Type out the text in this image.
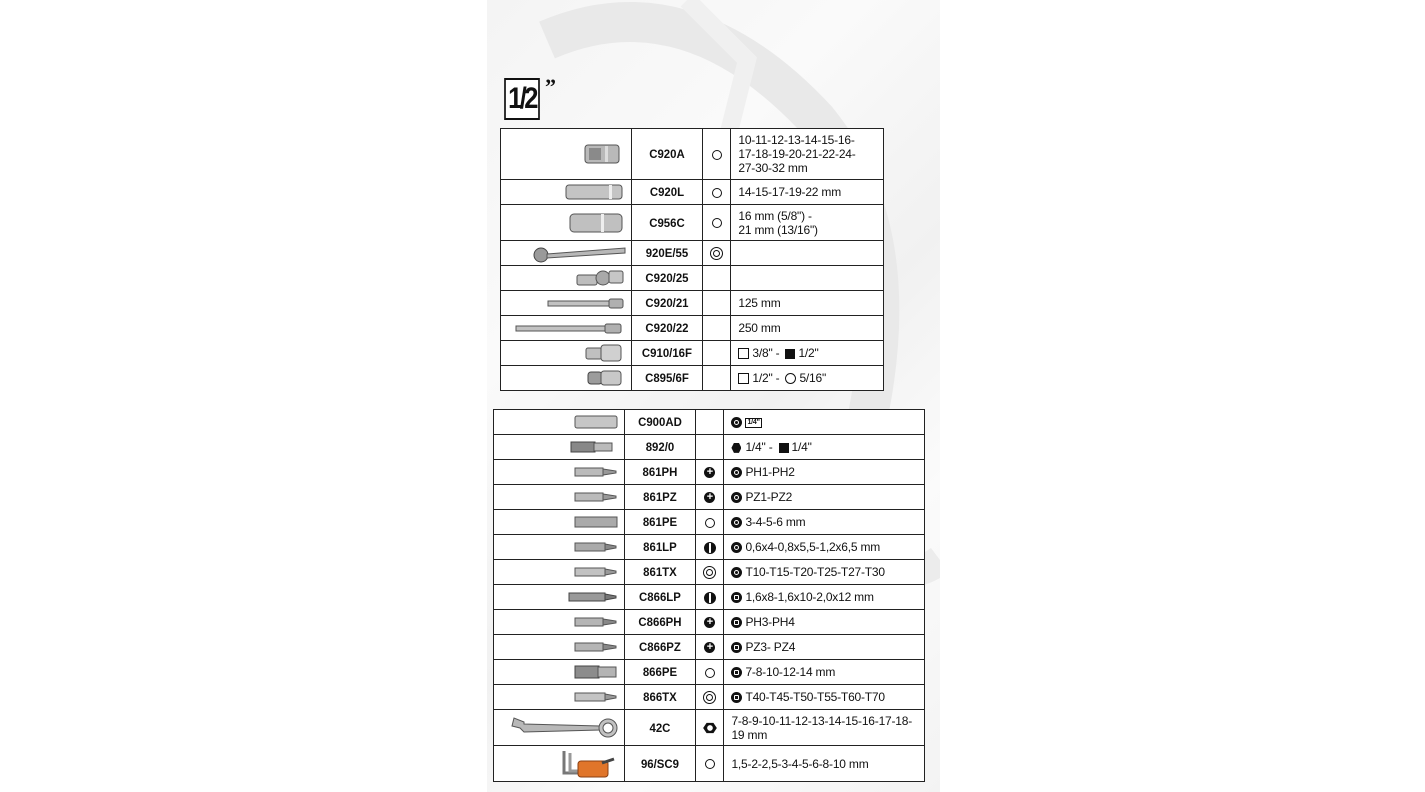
1/2 ”
	C920A		10-11-12-13-14-15-16-
17-18-19-20-21-22-24-
27-30-32 mm

	C920L		14-15-17-19-22 mm

	C956C		16 mm (5/8") -
21 mm (13/16")

	920E/55		

	C920/25		

	C920/21		125 mm

	C920/22		250 mm

	C910/16F		3/8" - 1/2"

	C895/6F		1/2" - 5/16"
	C900AD		1/4"

	892/0		1/4" - 1/4"

	861PH	+	PH1-PH2

	861PZ	+	PZ1-PZ2

	861PE		3-4-5-6 mm

	861LP		0,6x4-0,8x5,5-1,2x6,5 mm

	861TX		T10-T15-T20-T25-T27-T30

	C866LP		1,6x8-1,6x10-2,0x12 mm

	C866PH	+	PH3-PH4

	C866PZ	+	PZ3- PZ4

	866PE		7-8-10-12-14 mm

	866TX		T40-T45-T50-T55-T60-T70

	42C		7-8-9-10-11-12-13-14-15-16-17-18-
19 mm

	96/SC9		1,5-2-2,5-3-4-5-6-8-10 mm
